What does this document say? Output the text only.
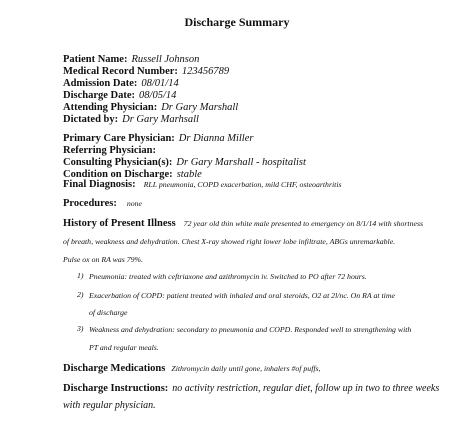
Discharge Summary
Patient Name: Russell Johnson
Medical Record Number: 123456789
Admission Date: 08/01/14
Discharge Date: 08/05/14
Attending Physician: Dr Gary Marshall
Dictated by: Dr Gary Marhsall
Primary Care Physician: Dr Dianna Miller
Referring Physician:
Consulting Physician(s): Dr Gary Marshall - hospitalist
Condition on Discharge: stable
Final Diagnosis: RLL pneumonia, COPD exacerbation, mild CHF, osteoarthritis
Procedures: none
History of Present Illness 72 year old thin white male presented to emergency on 8/1/14 with shortness
of breath, weakness and dehydration. Chest X-ray showed right lower lobe infiltrate, ABGs unremarkable.
Pulse ox on RA was 79%.
1) Pneumonia: treated with ceftriaxone and azithromycin iv. Switched to PO after 72 hours.
2) Exacerbation of COPD: patient treated with inhaled and oral steroids, O2 at 2l/nc. On RA at time
of discharge
3) Weakness and dehydration: secondary to pneumonia and COPD. Responded well to strengthening with
PT and regular meals.
Discharge Medications Zithromycin daily until gone, inhalers #of puffs,
Discharge Instructions: no activity restriction, regular diet, follow up in two to three weeks
with regular physician.
